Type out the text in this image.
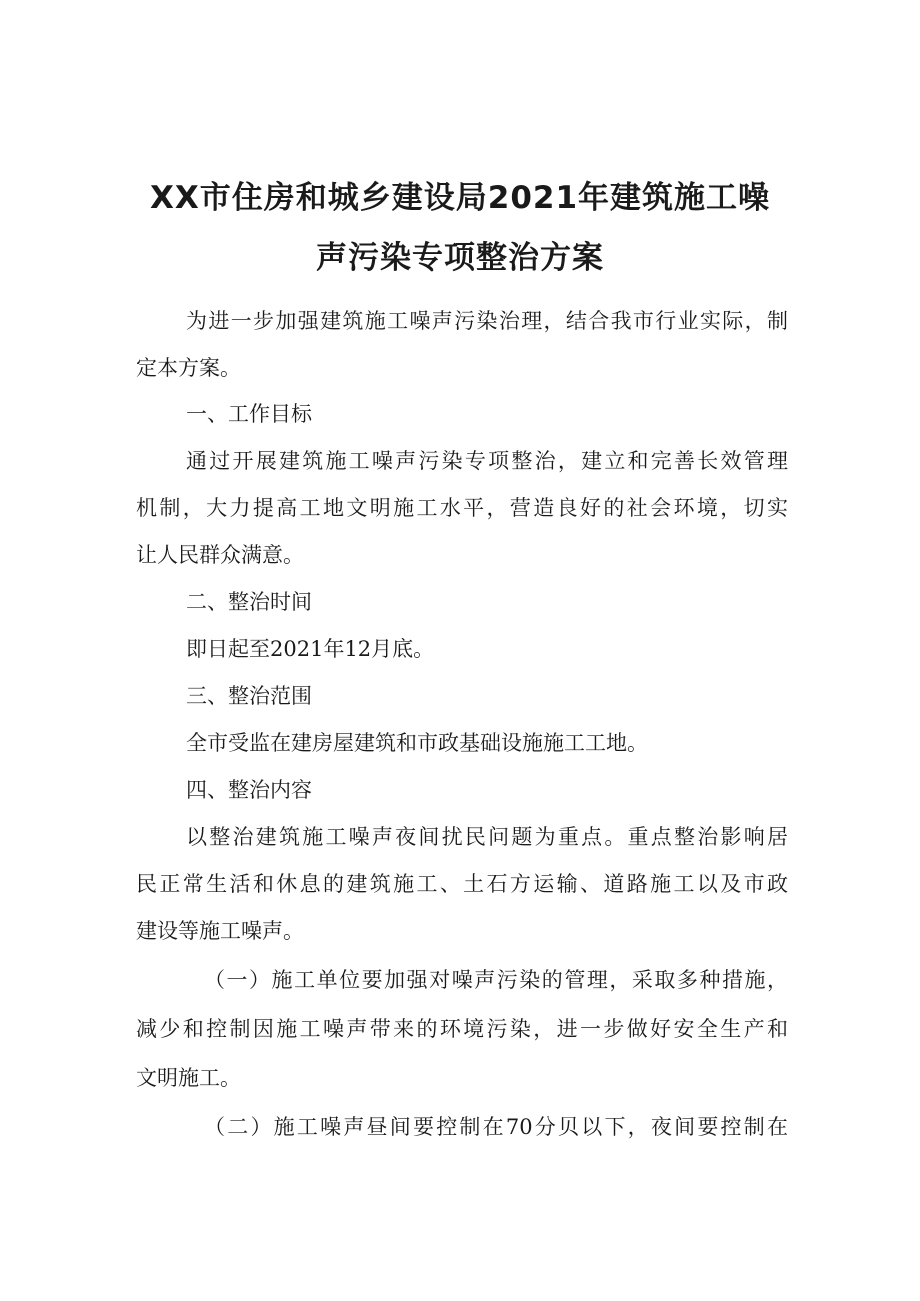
XX市住房和城乡建设局2021年建筑施工噪
声污染专项整治方案
为进一步加强建筑施工噪声污染治理，结合我市行业实际，制
定本方案。
一、工作目标
通过开展建筑施工噪声污染专项整治，建立和完善长效管理
机制，大力提高工地文明施工水平，营造良好的社会环境，切实
让人民群众满意。
二、整治时间
即日起至2021年12月底。
三、整治范围
全市受监在建房屋建筑和市政基础设施施工工地。
四、整治内容
以整治建筑施工噪声夜间扰民问题为重点。重点整治影响居
民正常生活和休息的建筑施工、土石方运输、道路施工以及市政
建设等施工噪声。
（一）施工单位要加强对噪声污染的管理，采取多种措施，
减少和控制因施工噪声带来的环境污染，进一步做好安全生产和
文明施工。
（二）施工噪声昼间要控制在70分贝以下，夜间要控制在
